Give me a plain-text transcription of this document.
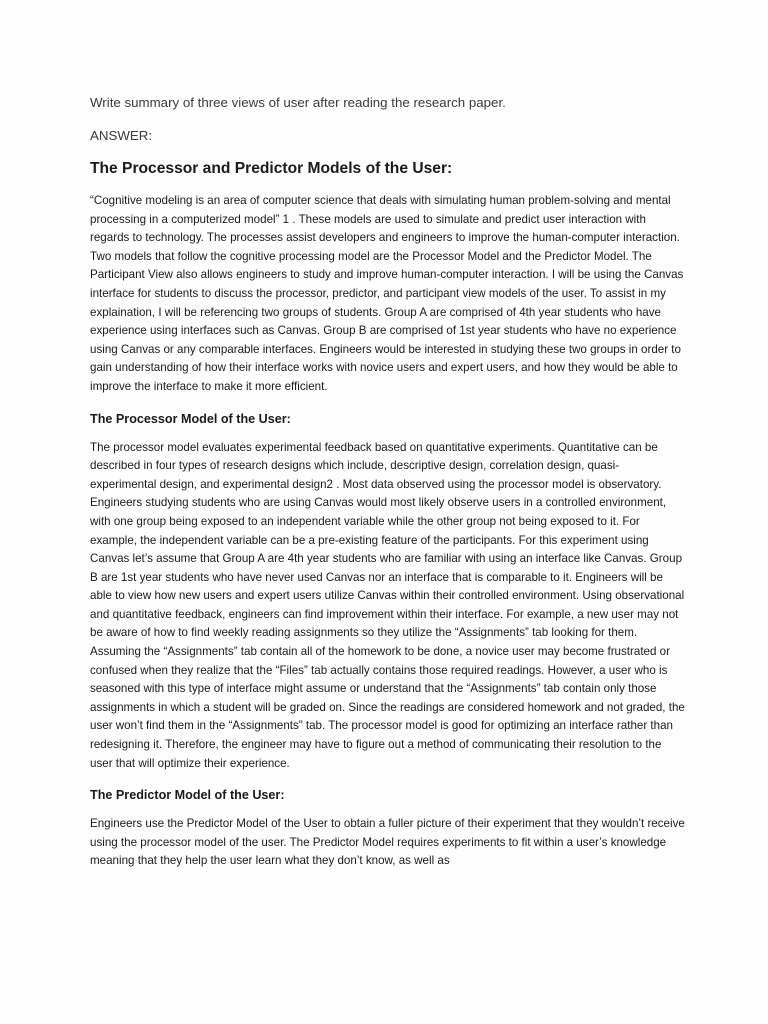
Write summary of three views of user after reading the research paper.

ANSWER:

The Processor and Predictor Models of the User:

“Cognitive modeling is an area of computer science that deals with simulating human problem-solving and mental processing in a computerized model” 1 . These models are used to simulate and predict user interaction with regards to technology. The processes assist developers and engineers to improve the human-computer interaction. Two models that follow the cognitive processing model are the Processor Model and the Predictor Model. The Participant View also allows engineers to study and improve human-computer interaction. I will be using the Canvas interface for students to discuss the processor, predictor, and participant view models of the user. To assist in my explaination, I will be referencing two groups of students. Group A are comprised of 4th year students who have experience using interfaces such as Canvas. Group B are comprised of 1st year students who have no experience using Canvas or any comparable interfaces. Engineers would be interested in studying these two groups in order to gain understanding of how their interface works with novice users and expert users, and how they would be able to improve the interface to make it more efficient.

The Processor Model of the User:

The processor model evaluates experimental feedback based on quantitative experiments. Quantitative can be described in four types of research designs which include, descriptive design, correlation design, quasi-experimental design, and experimental design2 . Most data observed using the processor model is observatory. Engineers studying students who are using Canvas would most likely observe users in a controlled environment, with one group being exposed to an independent variable while the other group not being exposed to it. For example, the independent variable can be a pre-existing feature of the participants. For this experiment using Canvas let’s assume that Group A are 4th year students who are familiar with using an interface like Canvas. Group B are 1st year students who have never used Canvas nor an interface that is comparable to it. Engineers will be able to view how new users and expert users utilize Canvas within their controlled environment. Using observational and quantitative feedback, engineers can find improvement within their interface. For example, a new user may not be aware of how to find weekly reading assignments so they utilize the “Assignments” tab looking for them. Assuming the “Assignments” tab contain all of the homework to be done, a novice user may become frustrated or confused when they realize that the “Files” tab actually contains those required readings. However, a user who is seasoned with this type of interface might assume or understand that the “Assignments” tab contain only those assignments in which a student will be graded on. Since the readings are considered homework and not graded, the user won’t find them in the “Assignments” tab. The processor model is good for optimizing an interface rather than redesigning it. Therefore, the engineer may have to figure out a method of communicating their resolution to the user that will optimize their experience.

The Predictor Model of the User:

Engineers use the Predictor Model of the User to obtain a fuller picture of their experiment that they wouldn’t receive using the processor model of the user. The Predictor Model requires experiments to fit within a user’s knowledge meaning that they help the user learn what they don’t know, as well as
